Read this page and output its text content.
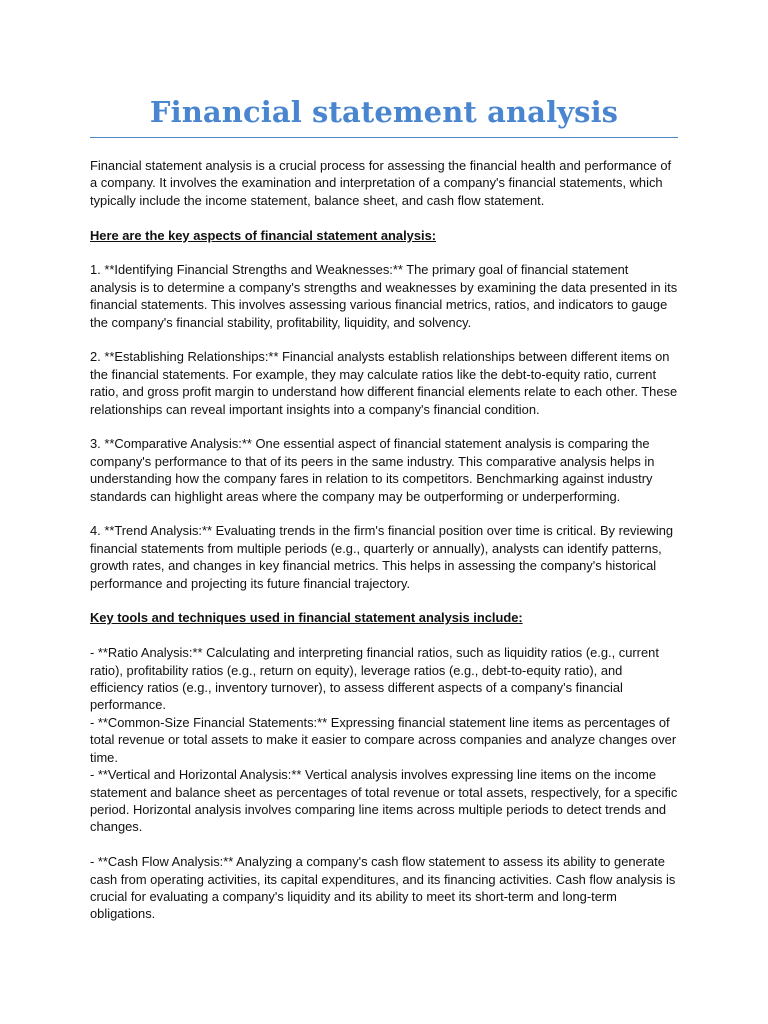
Financial statement analysis

Financial statement analysis is a crucial process for assessing the financial health and performance of a company. It involves the examination and interpretation of a company's financial statements, which typically include the income statement, balance sheet, and cash flow statement.

Here are the key aspects of financial statement analysis:

1. **Identifying Financial Strengths and Weaknesses:** The primary goal of financial statement analysis is to determine a company's strengths and weaknesses by examining the data presented in its financial statements. This involves assessing various financial metrics, ratios, and indicators to gauge the company's financial stability, profitability, liquidity, and solvency.

2. **Establishing Relationships:** Financial analysts establish relationships between different items on the financial statements. For example, they may calculate ratios like the debt-to-equity ratio, current ratio, and gross profit margin to understand how different financial elements relate to each other. These relationships can reveal important insights into a company's financial condition.

3. **Comparative Analysis:** One essential aspect of financial statement analysis is comparing the company's performance to that of its peers in the same industry. This comparative analysis helps in understanding how the company fares in relation to its competitors. Benchmarking against industry standards can highlight areas where the company may be outperforming or underperforming.

4. **Trend Analysis:** Evaluating trends in the firm's financial position over time is critical. By reviewing financial statements from multiple periods (e.g., quarterly or annually), analysts can identify patterns, growth rates, and changes in key financial metrics. This helps in assessing the company's historical performance and projecting its future financial trajectory.

Key tools and techniques used in financial statement analysis include:

- **Ratio Analysis:** Calculating and interpreting financial ratios, such as liquidity ratios (e.g., current ratio), profitability ratios (e.g., return on equity), leverage ratios (e.g., debt-to-equity ratio), and efficiency ratios (e.g., inventory turnover), to assess different aspects of a company's financial performance.

- **Common-Size Financial Statements:** Expressing financial statement line items as percentages of total revenue or total assets to make it easier to compare across companies and analyze changes over time.

- **Vertical and Horizontal Analysis:** Vertical analysis involves expressing line items on the income statement and balance sheet as percentages of total revenue or total assets, respectively, for a specific period. Horizontal analysis involves comparing line items across multiple periods to detect trends and changes.

- **Cash Flow Analysis:** Analyzing a company's cash flow statement to assess its ability to generate cash from operating activities, its capital expenditures, and its financing activities. Cash flow analysis is crucial for evaluating a company's liquidity and its ability to meet its short-term and long-term obligations.
